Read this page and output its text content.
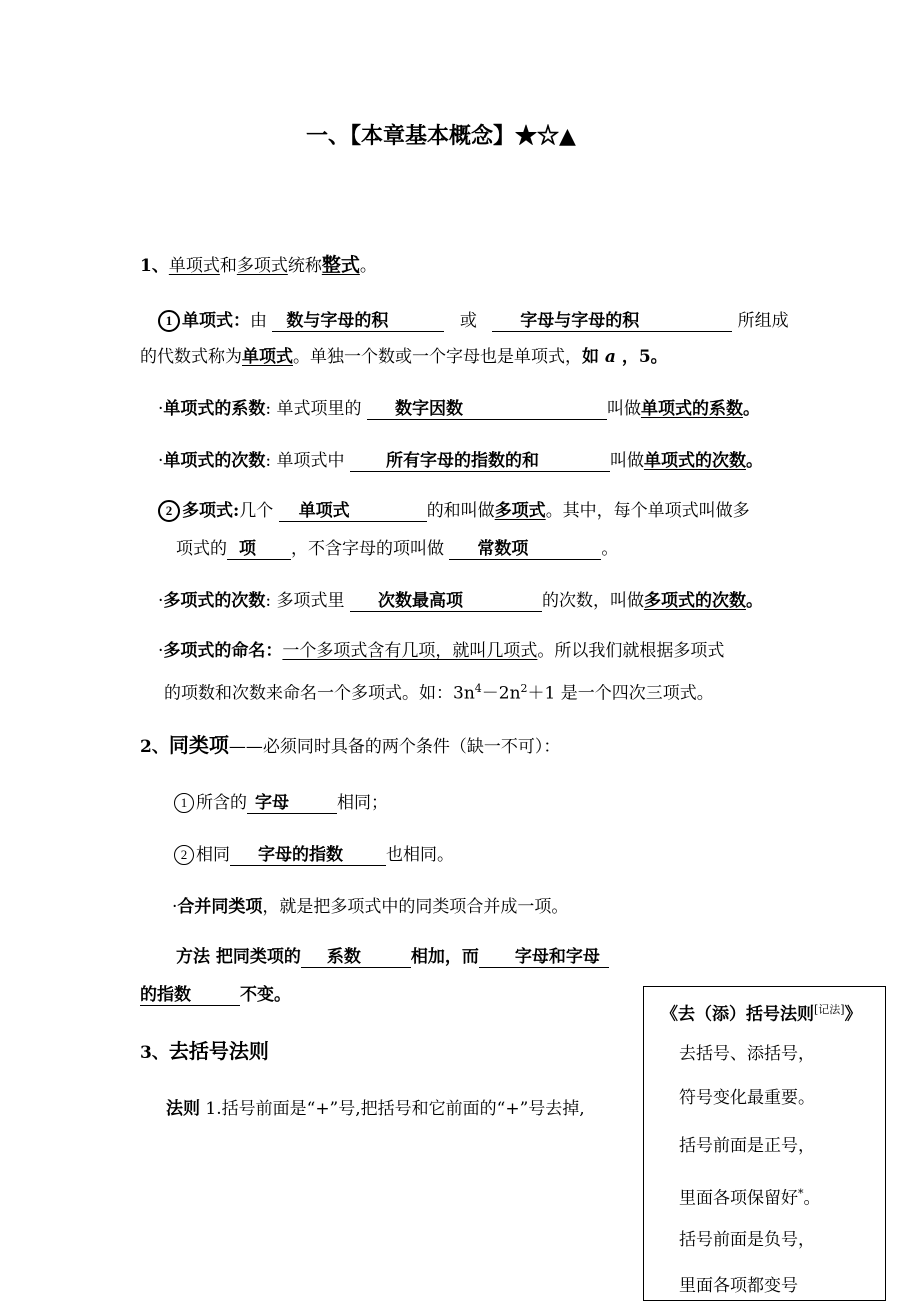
一、【本章基本概念】★☆▲
1、单项式和多项式统称整式。
1 单项式：由 数与字母的积	或	字母与字母的积	所组成
的代数式称为单项式。单独一个数或一个字母也是单项式，如 a ，5。
·单项式的系数: 单式项里的 数字因数	叫做单项式的系数。
·单项式的次数: 单项式中 所有字母的指数的和	叫做单项式的次数。
2 多项式:几个 单项式	的和叫做多项式。其中，每个单项式叫做多
项式的 项 ，不含字母的项叫做 常数项	。
·多项式的次数: 多项式里 次数最高项	的次数，叫做多项式的次数。
·多项式的命名：一个多项式含有几项，就叫几项式。所以我们就根据多项式
的项数和次数来命名一个多项式。如：$3n^4-2n^2+1$ 是一个四次三项式。
2、同类项——必须同时具备的两个条件（缺一不可）：
1 所含的 字母	相同；
2 相同 字母的指数	也相同。
·合并同类项，就是把多项式中的同类项合并成一项。
方法 把同类项的 系数	相加，而 字母和字母
的指数	不变。
3、去括号法则
法则 1.括号前面是“+”号,把括号和它前面的“+”号去掉,
《去（添）括号法则[记法]》
去括号、添括号，
符号变化最重要。
括号前面是正号，
里面各项保留好*。
括号前面是负号，
里面各项都变号
